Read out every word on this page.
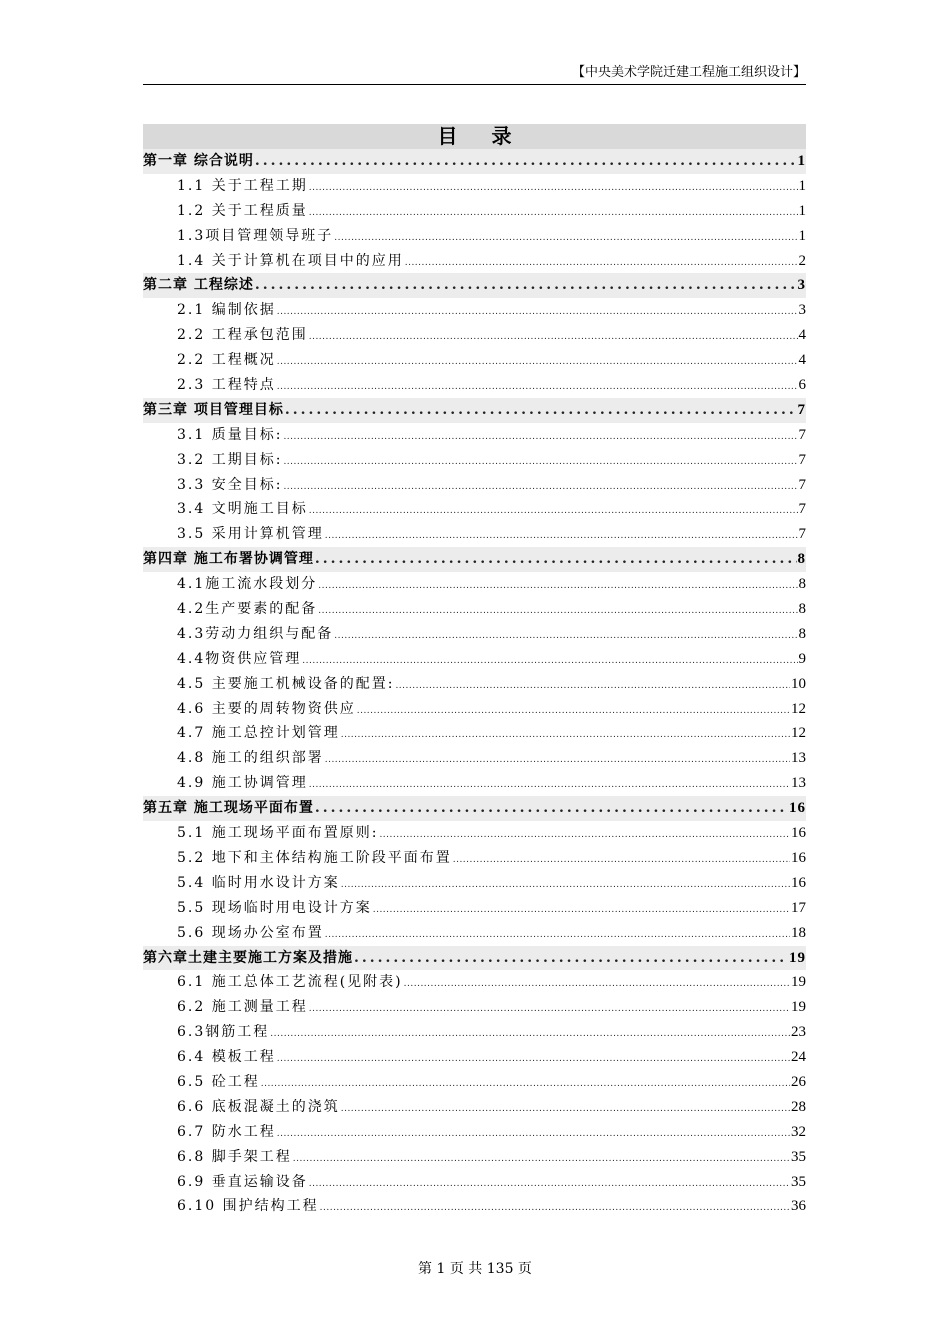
【中央美术学院迁建工程施工组织设计】
目录
第一章 综合说明 .....	1
1.1 关于工程工期 .....	1
1.2 关于工程质量 .....	1
1.3项目管理领导班子 .....	1
1.4 关于计算机在项目中的应用 .....	2
第二章 工程综述 .....	3
2.1 编制依据 .....	3
2.2 工程承包范围 .....	4
2.2 工程概况 .....	4
2.3 工程特点 .....	6
第三章 项目管理目标 .....	7
3.1 质量目标: .....	7
3.2 工期目标: .....	7
3.3 安全目标: .....	7
3.4 文明施工目标 .....	7
3.5 采用计算机管理 .....	7
第四章 施工布署协调管理 .....	8
4.1施工流水段划分 .....	8
4.2生产要素的配备 .....	8
4.3劳动力组织与配备 .....	8
4.4物资供应管理 .....	9
4.5 主要施工机械设备的配置: .....	10
4.6 主要的周转物资供应 .....	12
4.7 施工总控计划管理 .....	12
4.8 施工的组织部署 .....	13
4.9 施工协调管理 .....	13
第五章 施工现场平面布置 .....	16
5.1 施工现场平面布置原则: .....	16
5.2 地下和主体结构施工阶段平面布置 .....	16
5.4 临时用水设计方案 .....	16
5.5 现场临时用电设计方案 .....	17
5.6 现场办公室布置 .....	18
第六章土建主要施工方案及措施 .....	19
6.1 施工总体工艺流程(见附表) .....	19
6.2 施工测量工程 .....	19
6.3钢筋工程 .....	23
6.4 模板工程 .....	24
6.5 砼工程 .....	26
6.6 底板混凝土的浇筑 .....	28
6.7 防水工程 .....	32
6.8 脚手架工程 .....	35
6.9 垂直运输设备 .....	35
6.10 围护结构工程 .....	36
第 1 页 共 135 页
